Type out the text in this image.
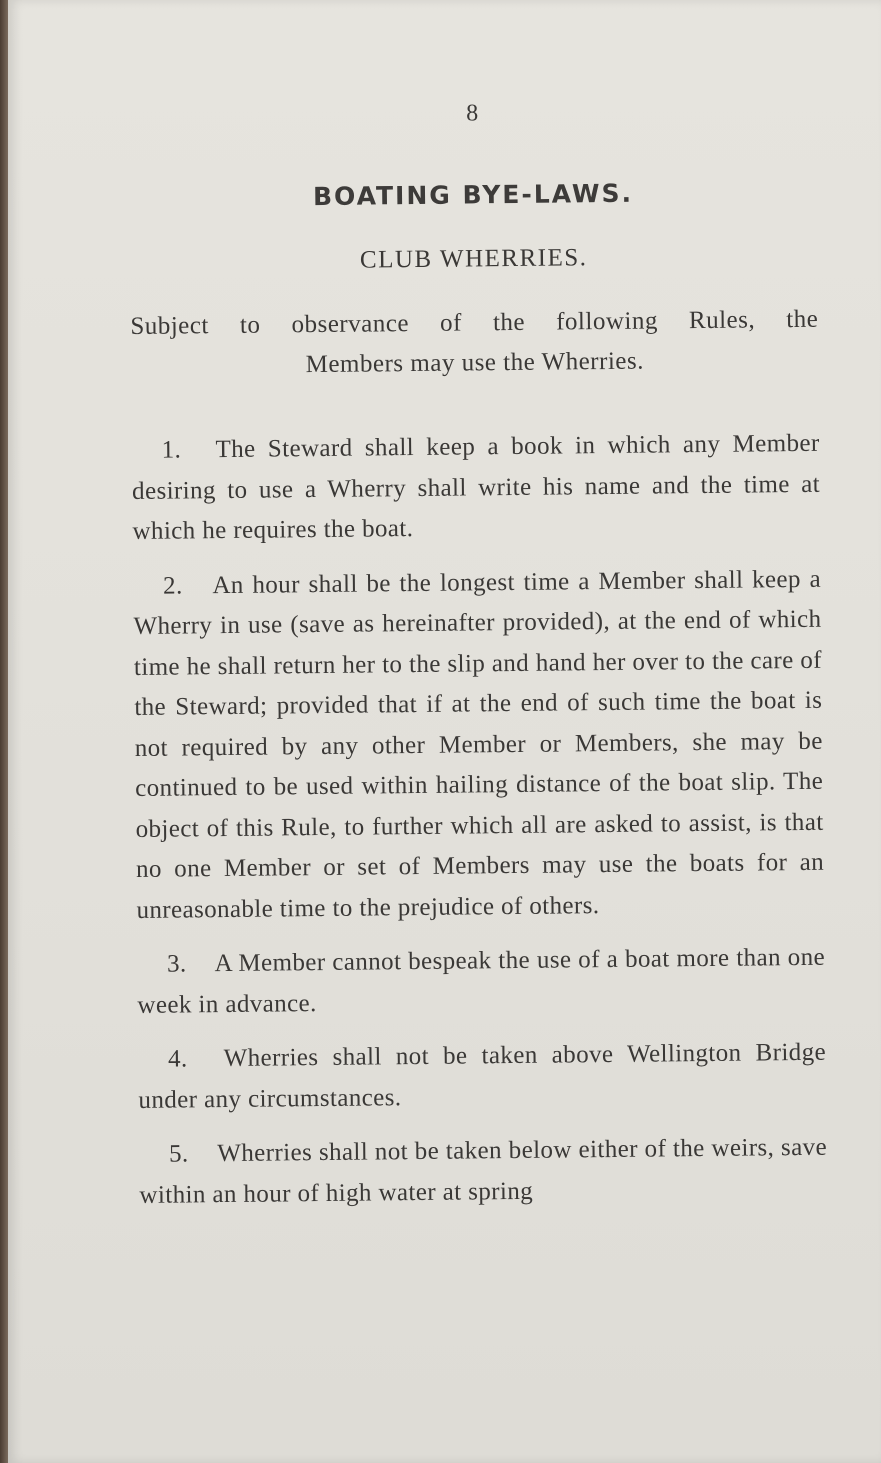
8
BOATING BYE-LAWS.
CLUB WHERRIES.
Subject to observance of the following Rules, the
Members may use the Wherries.

1. The Steward shall keep a book in which any Member desiring to use a Wherry shall write his name and the time at which he requires the boat.

2. An hour shall be the longest time a Member shall keep a Wherry in use (save as hereinafter provided), at the end of which time he shall return her to the slip and hand her over to the care of the Steward; provided that if at the end of such time the boat is not required by any other Member or Members, she may be continued to be used within hailing distance of the boat slip. The object of this Rule, to further which all are asked to assist, is that no one Member or set of Members may use the boats for an unreasonable time to the prejudice of others.

3. A Member cannot bespeak the use of a boat more than one week in advance.

4. Wherries shall not be taken above Wellington Bridge under any circumstances.

5. Wherries shall not be taken below either of the weirs, save within an hour of high water at spring
